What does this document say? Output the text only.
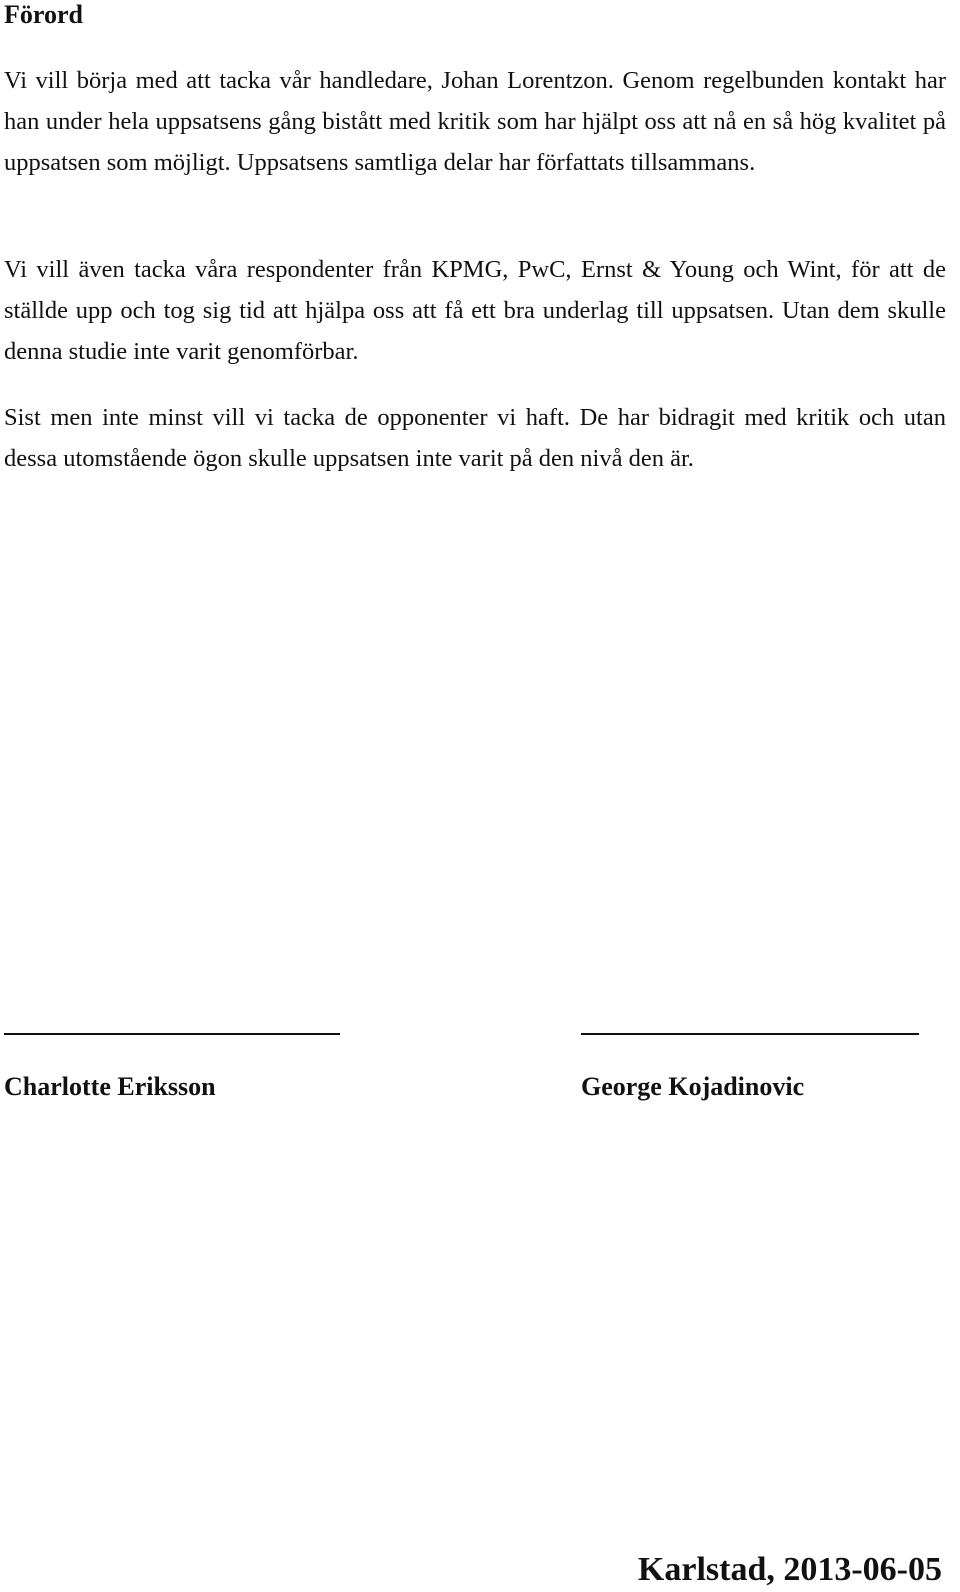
Förord

Vi vill börja med att tacka vår handledare, Johan Lorentzon. Genom regelbunden kontakt har han under hela uppsatsens gång bistått med kritik som har hjälpt oss att nå en så hög kvalitet på uppsatsen som möjligt. Uppsatsens samtliga delar har författats tillsammans.

Vi vill även tacka våra respondenter från KPMG, PwC, Ernst & Young och Wint, för att de ställde upp och tog sig tid att hjälpa oss att få ett bra underlag till uppsatsen. Utan dem skulle denna studie inte varit genomförbar.

Sist men inte minst vill vi tacka de opponenter vi haft. De har bidragit med kritik och utan dessa utomstående ögon skulle uppsatsen inte varit på den nivå den är.

Charlotte Eriksson	George Kojadinovic

Karlstad, 2013-06-05
